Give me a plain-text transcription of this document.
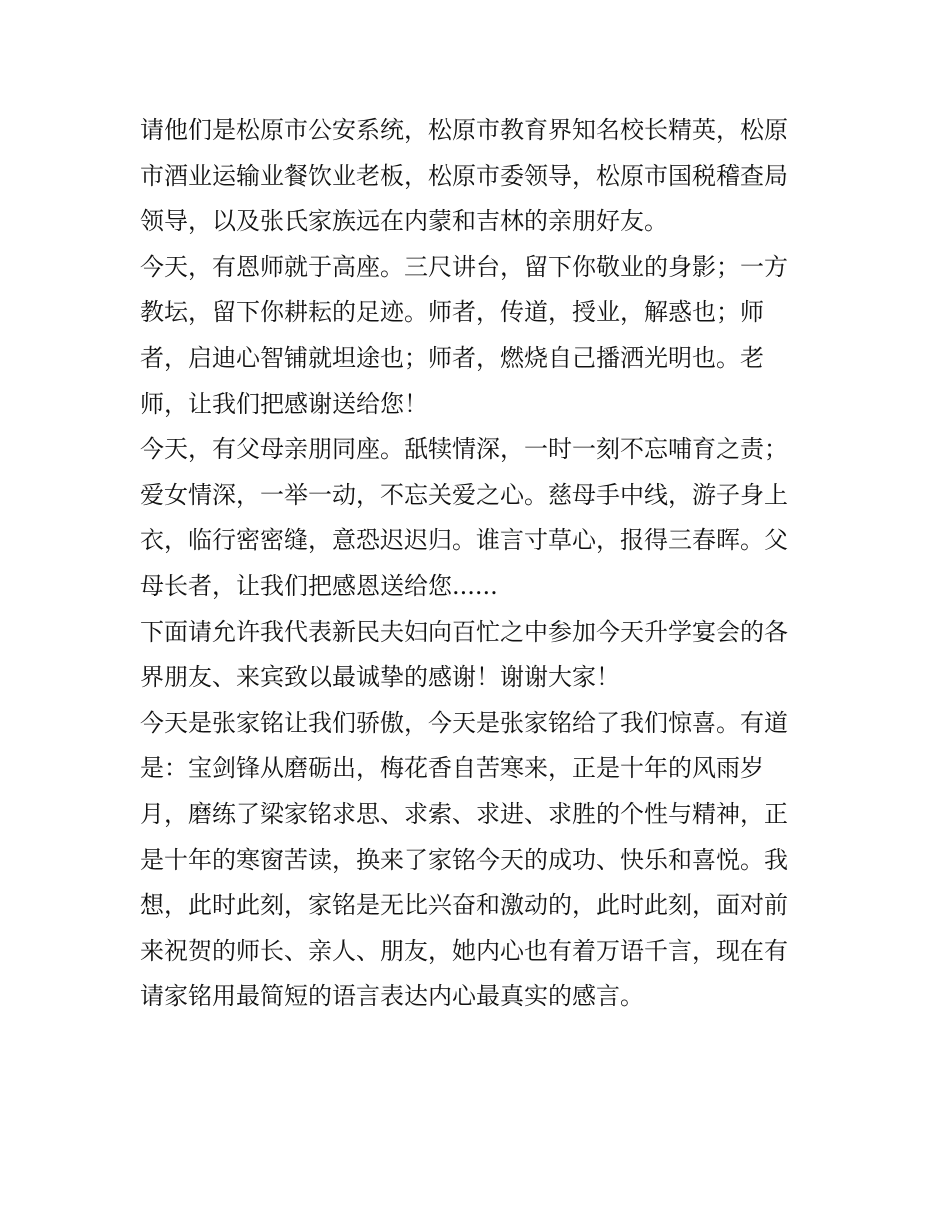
请他们是松原市公安系统，松原市教育界知名校长精英，松原
市酒业运输业餐饮业老板，松原市委领导，松原市国税稽查局
领导，以及张氏家族远在内蒙和吉林的亲朋好友。
今天，有恩师就于高座。三尺讲台，留下你敬业的身影；一方
教坛，留下你耕耘的足迹。师者，传道，授业，解惑也；师
者，启迪心智铺就坦途也；师者，燃烧自己播洒光明也。老
师，让我们把感谢送给您！
今天，有父母亲朋同座。舐犊情深，一时一刻不忘哺育之责；
爱女情深，一举一动，不忘关爱之心。慈母手中线，游子身上
衣，临行密密缝，意恐迟迟归。谁言寸草心，报得三春晖。父
母长者，让我们把感恩送给您......
下面请允许我代表新民夫妇向百忙之中参加今天升学宴会的各
界朋友、来宾致以最诚挚的感谢！谢谢大家！
今天是张家铭让我们骄傲，今天是张家铭给了我们惊喜。有道
是：宝剑锋从磨砺出，梅花香自苦寒来，正是十年的风雨岁
月，磨练了梁家铭求思、求索、求进、求胜的个性与精神，正
是十年的寒窗苦读，换来了家铭今天的成功、快乐和喜悦。我
想，此时此刻，家铭是无比兴奋和激动的，此时此刻，面对前
来祝贺的师长、亲人、朋友，她内心也有着万语千言，现在有
请家铭用最简短的语言表达内心最真实的感言。
